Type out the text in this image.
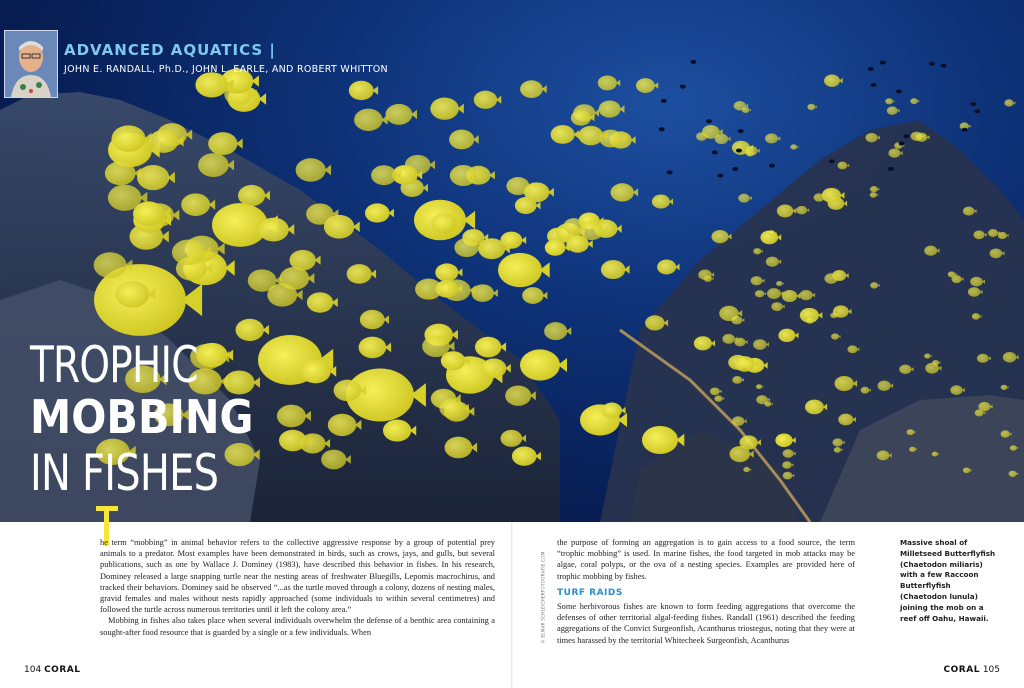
ADVANCED AQUATICS |
JOHN E. RANDALL, Ph.D., JOHN L. EARLE, AND ROBERT WHITTON
TROPHIC
MOBBING
IN FISHES

he term “mobbing” in animal behavior refers to the collective aggressive response by a group of potential prey animals to a predator. Most examples have been demonstrated in birds, such as crows, jays, and gulls, but several publications, such as one by Wallace J. Dominey (1983), have described this behavior in fishes. In his research, Dominey released a large snapping turtle near the nesting areas of freshwater Bluegills, Lepomis macrochirus, and tracked their behaviors. Dominey said he observed “...as the turtle moved through a colony, dozens of nesting males, gravid females and males without nests rapidly approached (some individuals to within several centimetres) and followed the turtle across numerous territories until it left the colony area.”

Mobbing in fishes also takes place when several individuals overwhelm the defense of a benthic area containing a sought-after food resource that is guarded by a single or a few individuals. When	© ELMAR SCHLEICHERFOTOGRAFIE.COM

the purpose of forming an aggregation is to gain access to a food source, the term “trophic mobbing” is used. In marine fishes, the food targeted in mob attacks may be algae, coral polyps, or the ova of a nesting species. Examples are provided here of trophic mobbing by fishes.

TURF RAIDS

Some herbivorous fishes are known to form feeding aggregations that overcome the defenses of other territorial algal-feeding fishes. Randall (1961) described the feeding aggregations of the Convict Surgeonfish, Acanthurus triostegus, noting that they were at times harassed by the territorial Whitecheek Surgeonfish, Acanthurus

Massive shoal of Milletseed Butterflyfish (Chaetodon miliaris) with a few Raccoon Butterflyfish (Chaetodon lunula) joining the mob on a reef off Oahu, Hawaii.
104 CORAL	CORAL 105
